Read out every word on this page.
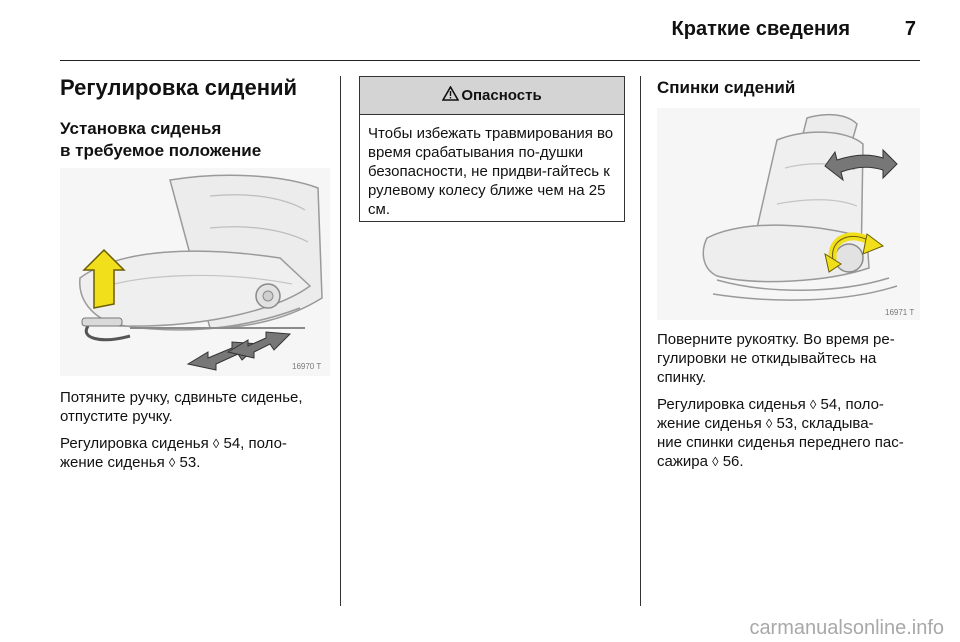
Краткие сведения	7
Регулировка сидений
Установка сиденья
в требуемое положение
16970 T

Потяните ручку, сдвиньте сиденье, отпустите ручку.

Регулировка сиденья ◊ 54, поло-
жение сиденья ◊ 53.

Опасность
Чтобы избежать травмирования во время срабатывания по-душки безопасности, не придви-гайтесь к рулевому колесу ближе чем на 25 см.
Спинки сидений
16971 T

Поверните рукоятку. Во время ре-гулировки не откидывайтесь на спинку.

Регулировка сиденья ◊ 54, поло-
жение сиденья ◊ 53, складыва-
ние спинки сиденья переднего пас-
сажира ◊ 56.

carmanualsonline.info
